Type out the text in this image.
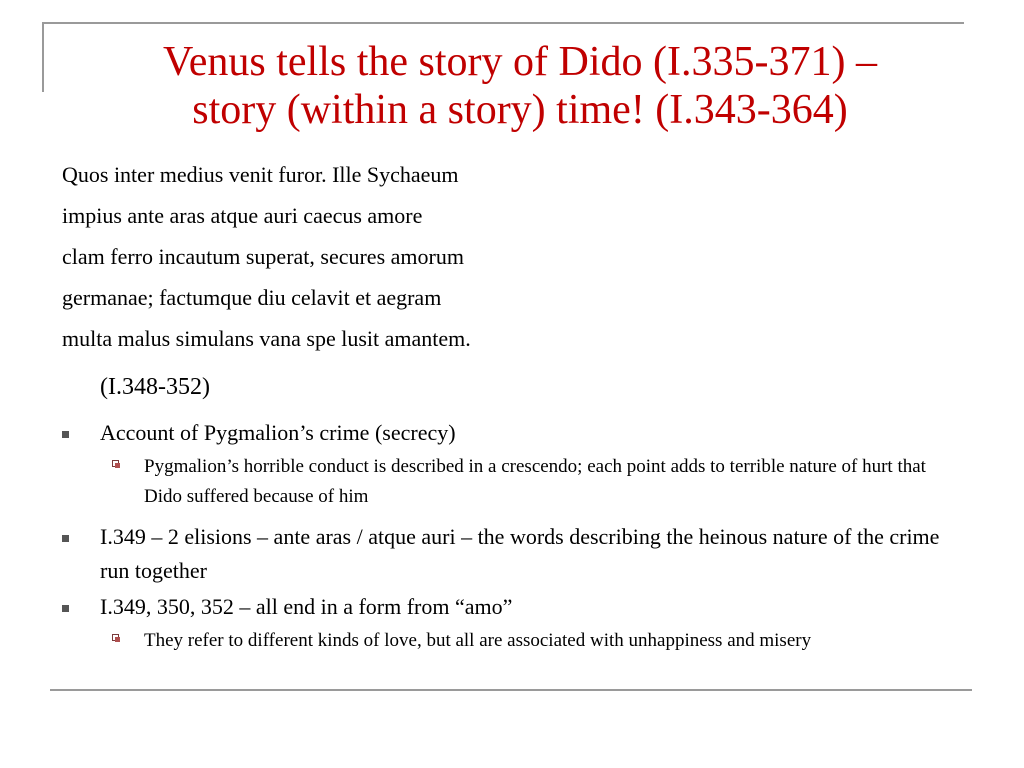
Venus tells the story of Dido (I.335-371) –
story (within a story) time! (I.343-364)
Quos inter medius venit furor. Ille Sychaeum
impius ante aras atque auri caecus amore
clam ferro incautum superat, secures amorum
germanae; factumque diu celavit et aegram
multa malus simulans vana spe lusit amantem.
(I.348-352)
Account of Pygmalion’s crime (secrecy)
Pygmalion’s horrible conduct is described in a crescendo; each point adds to terrible nature of hurt that Dido suffered because of him
I.349 – 2 elisions – ante aras / atque auri – the words describing the heinous nature of the crime run together
I.349, 350, 352 – all end in a form from “amo”
They refer to different kinds of love, but all are associated with unhappiness and misery
